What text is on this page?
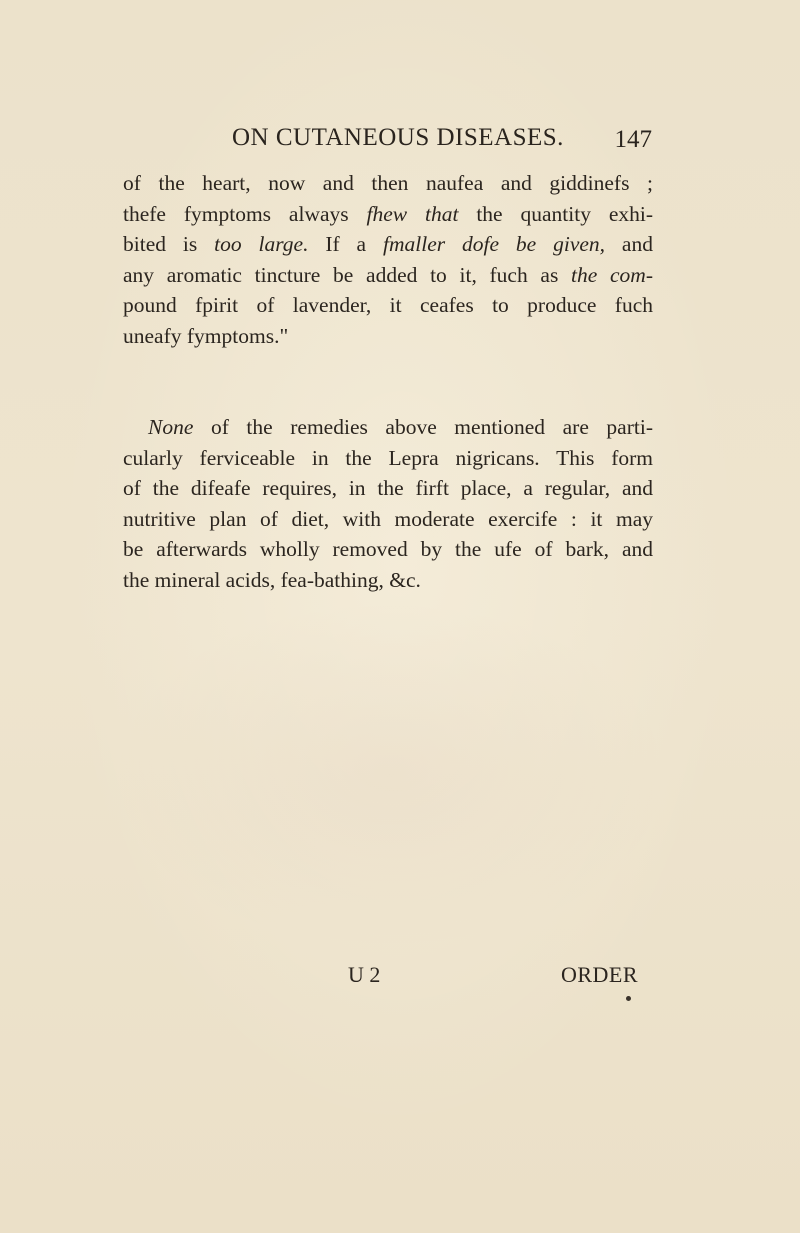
ON CUTANEOUS DISEASES. 147
of the heart, now and then naufea and giddinefs ;
thefe fymptoms always fhew that the quantity exhi-
bited is too large. If a fmaller dofe be given, and
any aromatic tincture be added to it, fuch as the com-
pound fpirit of lavender, it ceafes to produce fuch
uneafy fymptoms."
None of the remedies above mentioned are parti-
cularly ferviceable in the Lepra nigricans. This form
of the difeafe requires, in the firft place, a regular, and
nutritive plan of diet, with moderate exercife : it may
be afterwards wholly removed by the ufe of bark, and
the mineral acids, fea-bathing, &c.
U 2	ORDER
